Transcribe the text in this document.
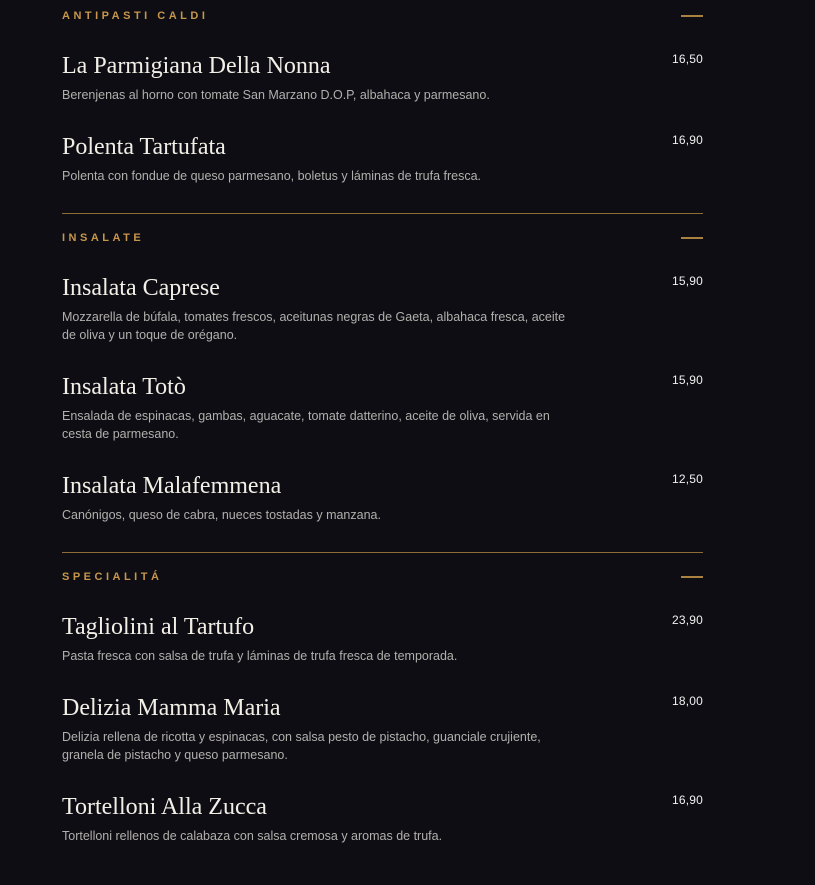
ANTIPASTI CALDI
La Parmigiana Della Nonna

Berenjenas al horno con tomate San Marzano D.O.P, albahaca y parmesano.

16,50
Polenta Tartufata

Polenta con fondue de queso parmesano, boletus y láminas de trufa fresca.

16,90
INSALATE
Insalata Caprese

Mozzarella de búfala, tomates frescos, aceitunas negras de Gaeta, albahaca fresca, aceite de oliva y un toque de orégano.

15,90
Insalata Totò

Ensalada de espinacas, gambas, aguacate, tomate datterino, aceite de oliva, servida en cesta de parmesano.

15,90
Insalata Malafemmena

Canónigos, queso de cabra, nueces tostadas y manzana.

12,50
SPECIALITÁ
Tagliolini al Tartufo

Pasta fresca con salsa de trufa y láminas de trufa fresca de temporada.

23,90
Delizia Mamma Maria

Delizia rellena de ricotta y espinacas, con salsa pesto de pistacho, guanciale crujiente, granela de pistacho y queso parmesano.

18,00
Tortelloni Alla Zucca

Tortelloni rellenos de calabaza con salsa cremosa y aromas de trufa.

16,90
